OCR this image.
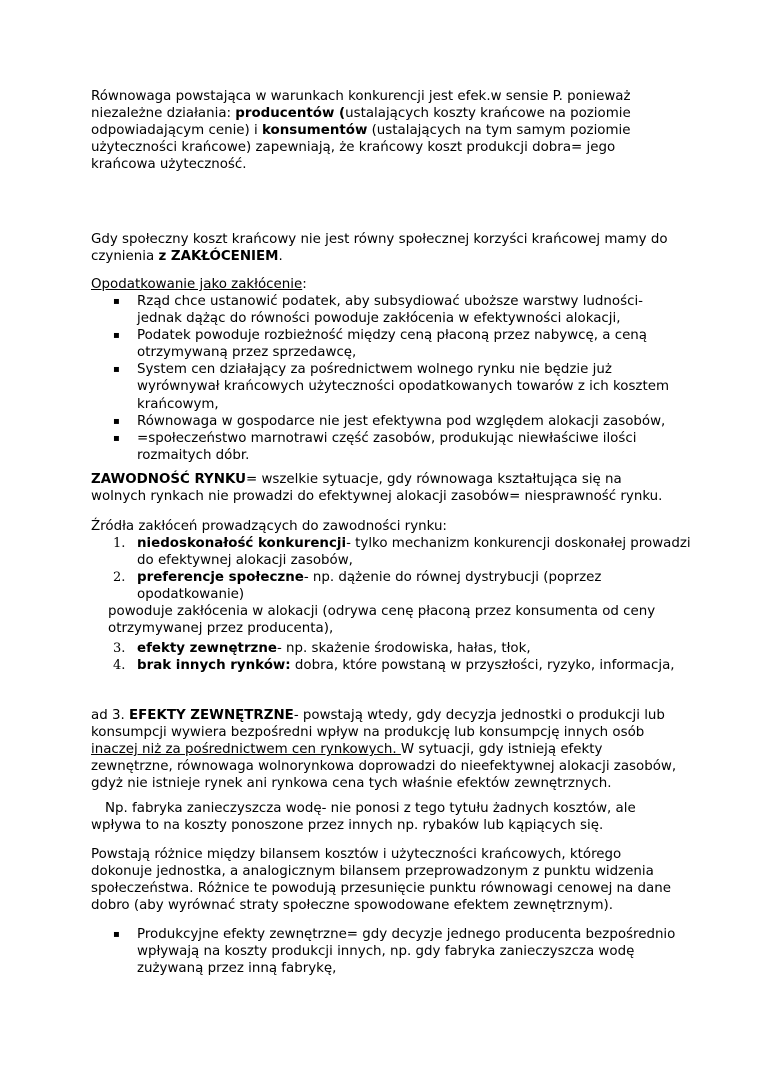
Równowaga powstająca w warunkach konkurencji jest efek.w sensie P. ponieważ niezależne działania: producentów (ustalających koszty krańcowe na poziomie odpowiadającym cenie) i konsumentów (ustalających na tym samym poziomie użyteczności krańcowe) zapewniają, że krańcowy koszt produkcji dobra= jego krańcowa użyteczność.

Gdy społeczny koszt krańcowy nie jest równy społecznej korzyści krańcowej mamy do czynienia z ZAKŁÓCENIEM.

Opodatkowanie jako zakłócenie:

▪ Rząd chce ustanowić podatek, aby subsydiować uboższe warstwy ludności- jednak dążąc do równości powoduje zakłócenia w efektywności alokacji,
▪ Podatek powoduje rozbieżność między ceną płaconą przez nabywcę, a ceną otrzymywaną przez sprzedawcę,
▪ System cen działający za pośrednictwem wolnego rynku nie będzie już wyrównywał krańcowych użyteczności opodatkowanych towarów z ich kosztem krańcowym,
▪ Równowaga w gospodarce nie jest efektywna pod względem alokacji zasobów,
▪ =społeczeństwo marnotrawi część zasobów, produkując niewłaściwe ilości rozmaitych dóbr.

ZAWODNOŚĆ RYNKU= wszelkie sytuacje, gdy równowaga kształtująca się na wolnych rynkach nie prowadzi do efektywnej alokacji zasobów= niesprawność rynku.

Źródła zakłóceń prowadzących do zawodności rynku:

1. niedoskonałość konkurencji- tylko mechanizm konkurencji doskonałej prowadzi do efektywnej alokacji zasobów,
2. preferencje społeczne- np. dążenie do równej dystrybucji (poprzez opodatkowanie)

powoduje zakłócenia w alokacji (odrywa cenę płaconą przez konsumenta od ceny otrzymywanej przez producenta),

3. efekty zewnętrzne- np. skażenie środowiska, hałas, tłok,
4. brak innych rynków: dobra, które powstaną w przyszłości, ryzyko, informacja,

ad 3. EFEKTY ZEWNĘTRZNE- powstają wtedy, gdy decyzja jednostki o produkcji lub konsumpcji wywiera bezpośredni wpływ na produkcję lub konsumpcję innych osób inaczej niż za pośrednictwem cen rynkowych. W sytuacji, gdy istnieją efekty zewnętrzne, równowaga wolnorynkowa doprowadzi do nieefektywnej alokacji zasobów, gdyż nie istnieje rynek ani rynkowa cena tych właśnie efektów zewnętrznych.

Np. fabryka zanieczyszcza wodę- nie ponosi z tego tytułu żadnych kosztów, ale wpływa to na koszty ponoszone przez innych np. rybaków lub kąpiących się.

Powstają różnice między bilansem kosztów i użyteczności krańcowych, którego dokonuje jednostka, a analogicznym bilansem przeprowadzonym z punktu widzenia społeczeństwa. Różnice te powodują przesunięcie punktu równowagi cenowej na dane dobro (aby wyrównać straty społeczne spowodowane efektem zewnętrznym).

▪ Produkcyjne efekty zewnętrzne= gdy decyzje jednego producenta bezpośrednio wpływają na koszty produkcji innych, np. gdy fabryka zanieczyszcza wodę zużywaną przez inną fabrykę,
